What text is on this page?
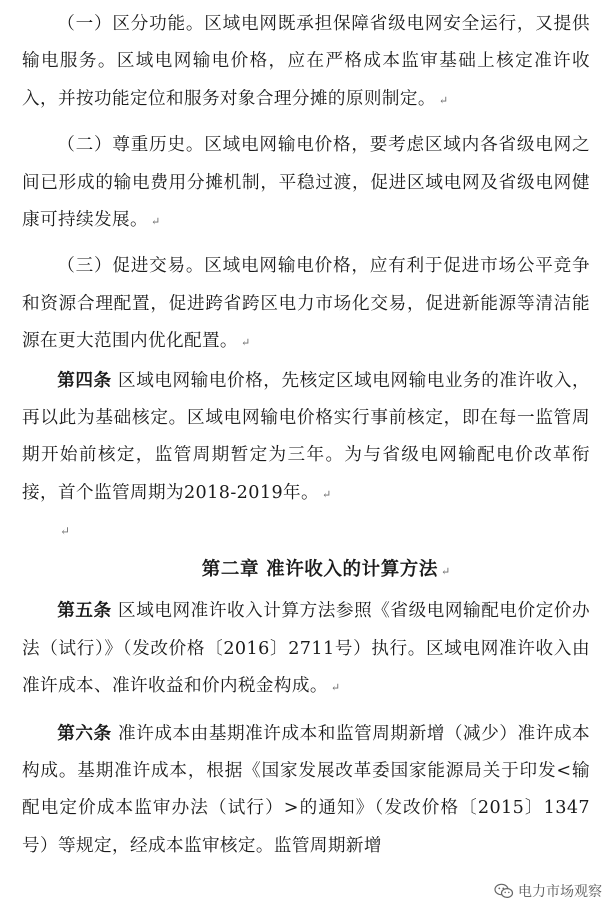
（一）区分功能。区域电网既承担保障省级电网安全运行，又提供输电服务。区域电网输电价格，应在严格成本监审基础上核定准许收入，并按功能定位和服务对象合理分摊的原则制定。 ↵

（二）尊重历史。区域电网输电价格，要考虑区域内各省级电网之间已形成的输电费用分摊机制，平稳过渡，促进区域电网及省级电网健康可持续发展。 ↵

（三）促进交易。区域电网输电价格，应有利于促进市场公平竞争和资源合理配置，促进跨省跨区电力市场化交易，促进新能源等清洁能源在更大范围内优化配置。 ↵

第四条  区域电网输电价格，先核定区域电网输电业务的准许收入，再以此为基础核定。区域电网输电价格实行事前核定，即在每一监管周期开始前核定，监管周期暂定为三年。为与省级电网输配电价改革衔接，首个监管周期为2018-2019年。 ↵

↵
第二章 准许收入的计算方法 ↵

第五条  区域电网准许收入计算方法参照《省级电网输配电价定价办法（试行）》（发改价格〔2016〕2711号）执行。区域电网准许收入由准许成本、准许收益和价内税金构成。 ↵

第六条  准许成本由基期准许成本和监管周期新增（减少）准许成本构成。基期准许成本，根据《国家发展改革委国家能源局关于印发<输配电定价成本监审办法（试行）>的通知》（发改价格〔2015〕1347号）等规定，经成本监审核定。监管周期新增

电力市场观察
